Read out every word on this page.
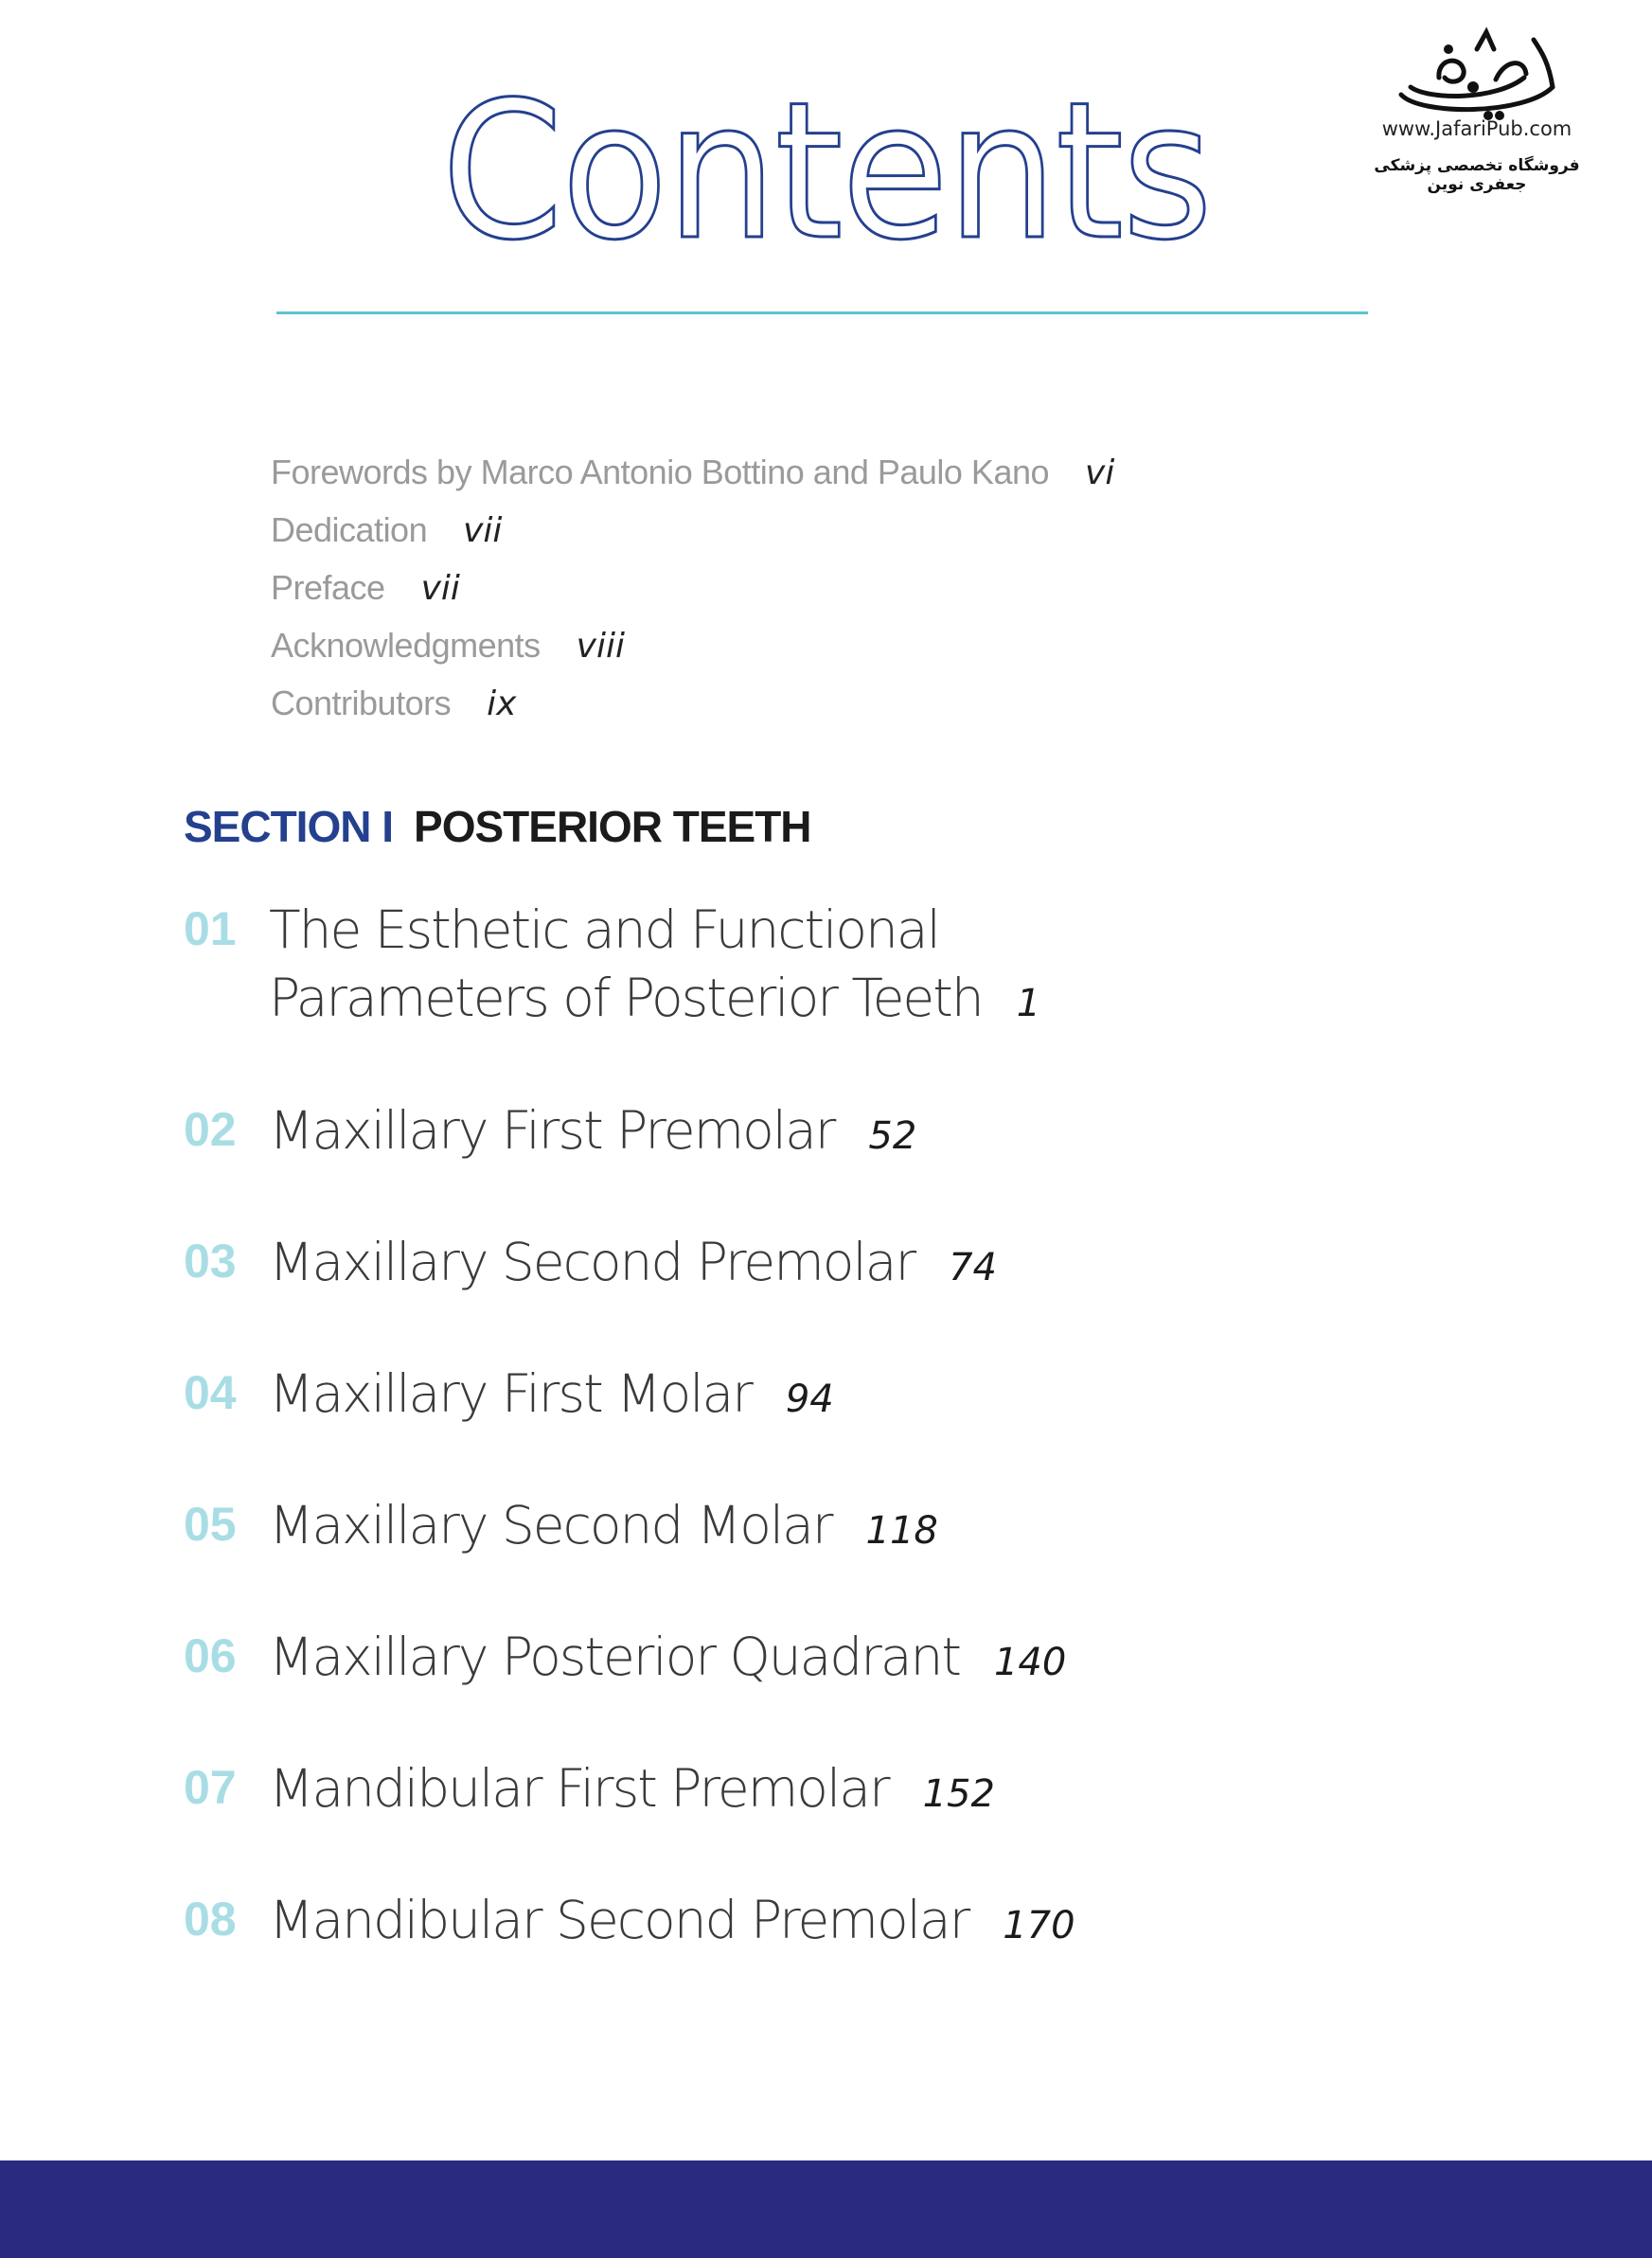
www.JafariPub.com
فروشگاه تخصصی پزشکی جعفری نوین
Contents
Forewords by Marco Antonio Bottino and Paulo Kano vi
Dedication vii
Preface vii
Acknowledgments viii
Contributors ix
SECTION I POSTERIOR TEETH
01 The Esthetic and Functional Parameters of Posterior Teeth 1
02 Maxillary First Premolar 52
03 Maxillary Second Premolar 74
04 Maxillary First Molar 94
05 Maxillary Second Molar 118
06 Maxillary Posterior Quadrant 140
07 Mandibular First Premolar 152
08 Mandibular Second Premolar 170
